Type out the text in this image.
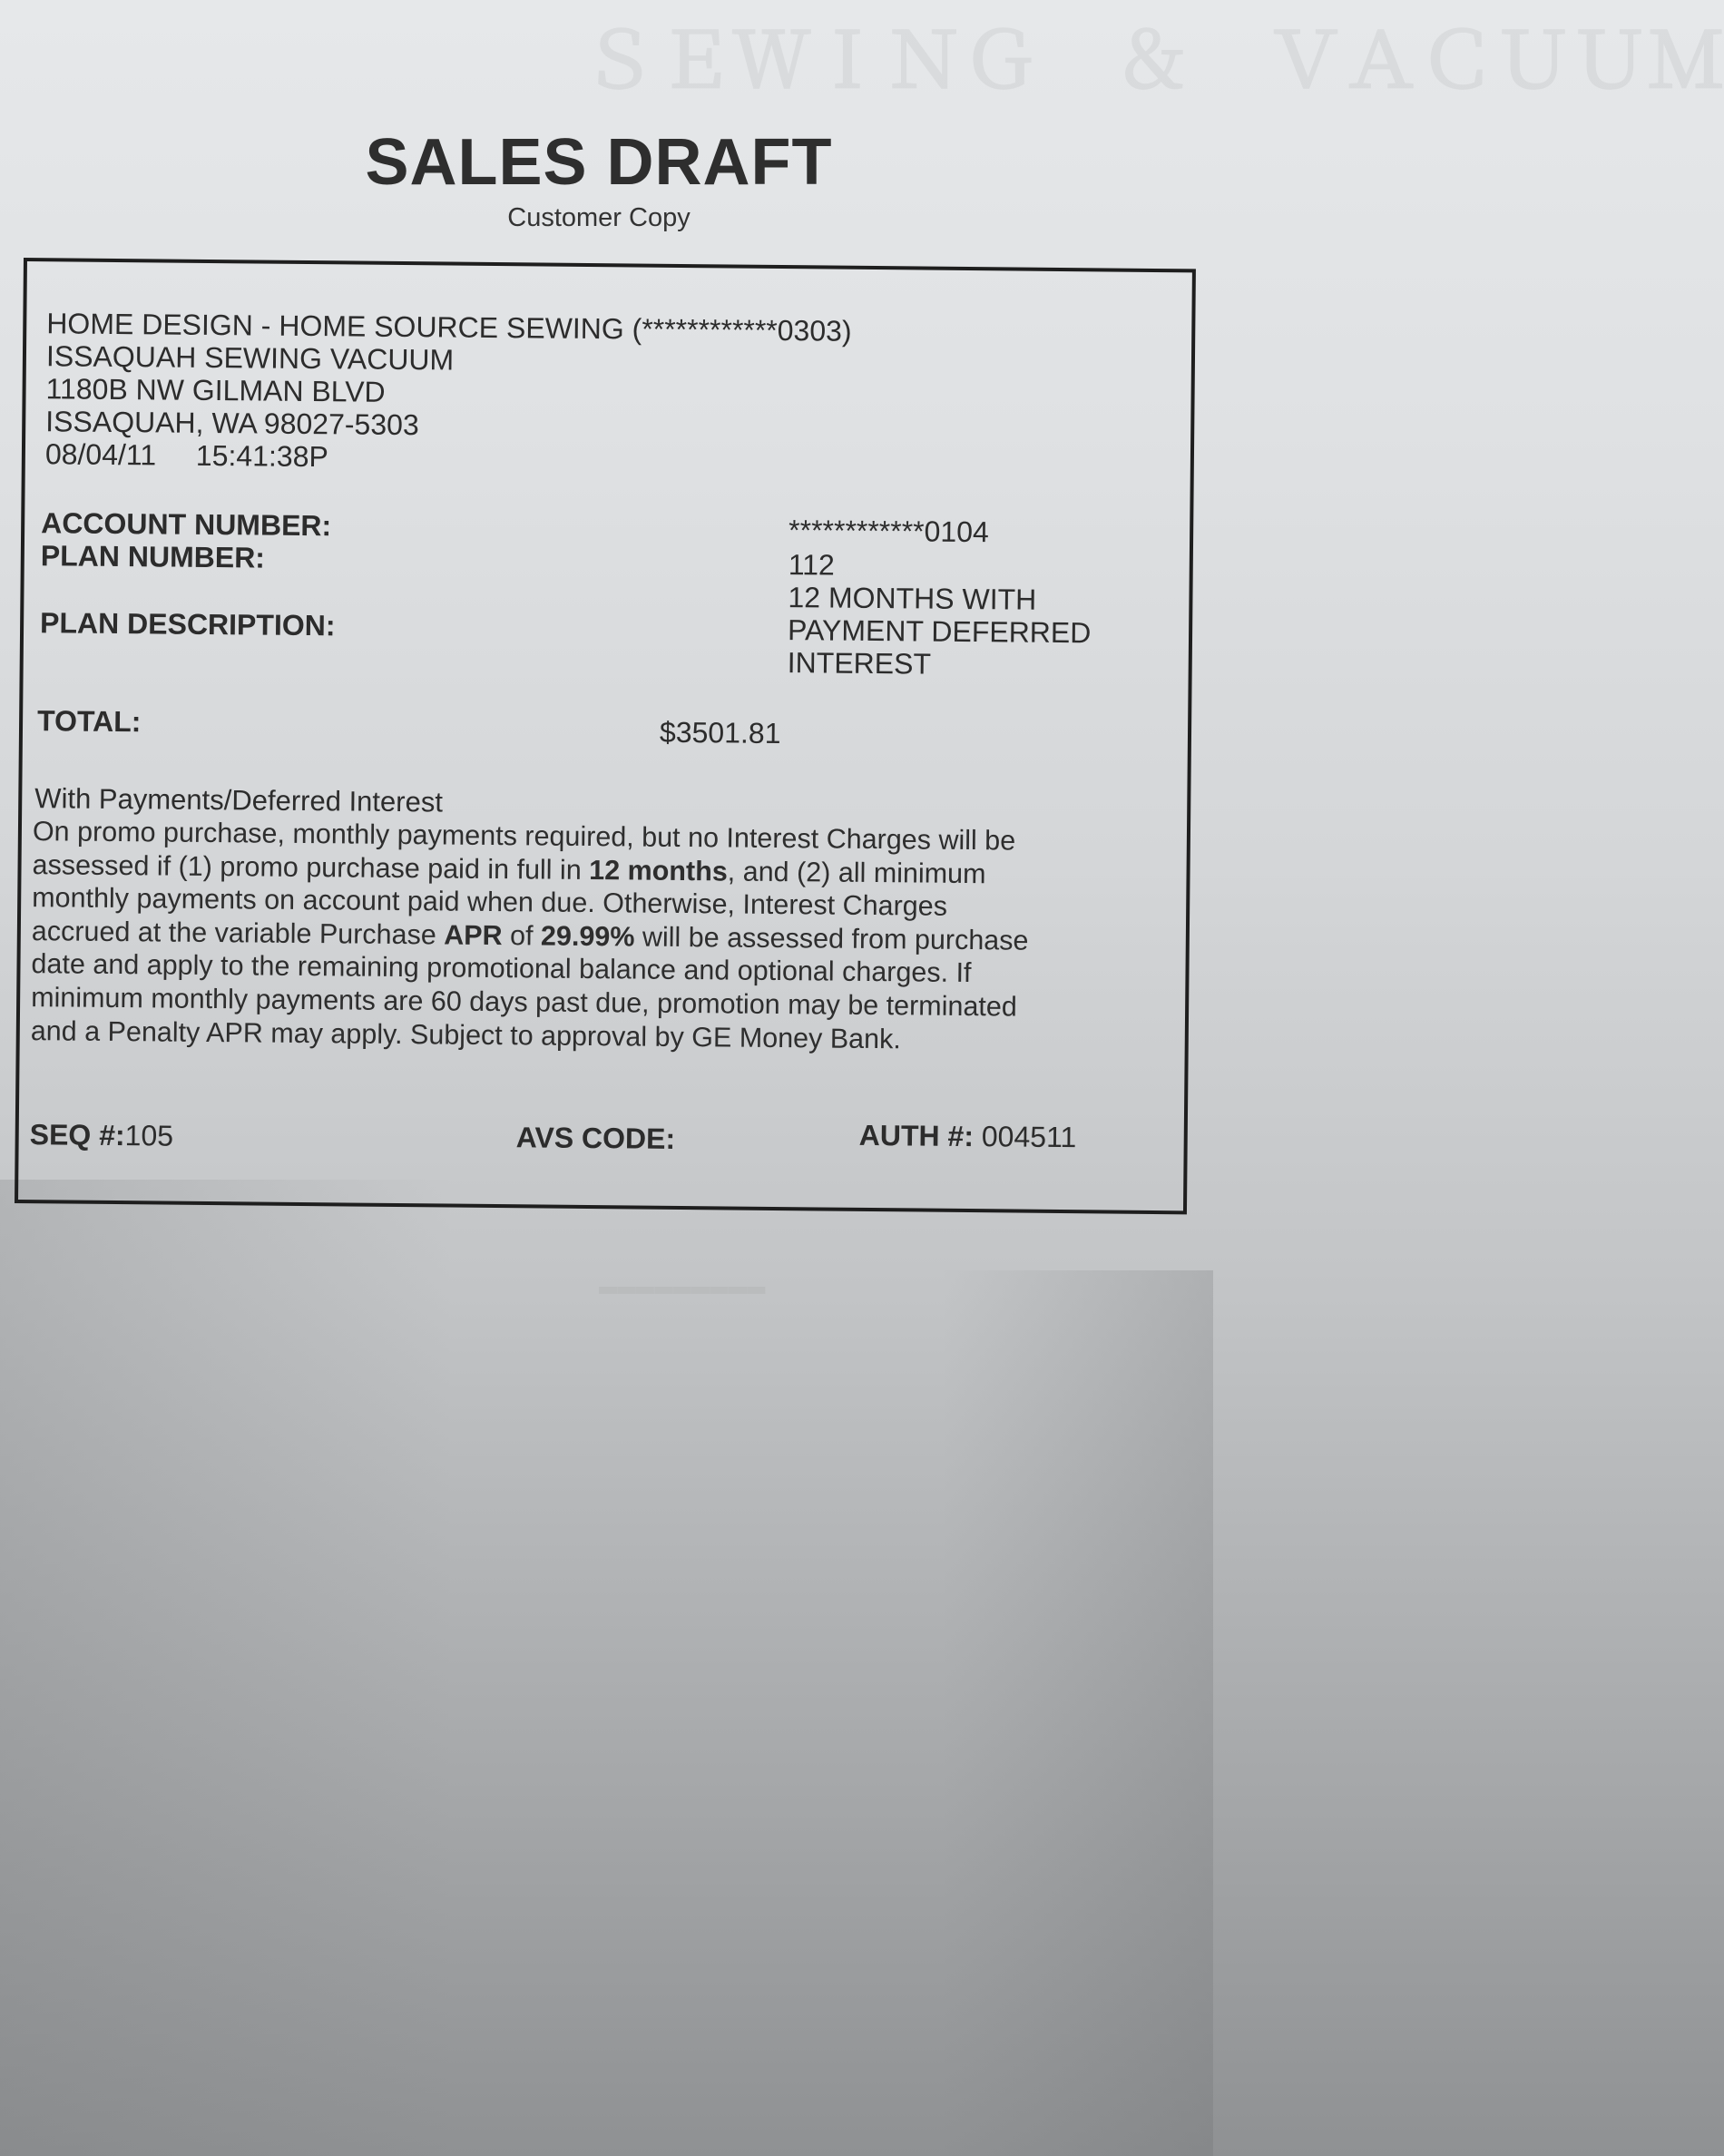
ＳＥＷＩＮＧ　＆　ＶＡＣＵＵＭ
▬▬▬▬▬▬▬▬▬
SALES DRAFT
Customer Copy
HOME DESIGN - HOME SOURCE SEWING (************0303)
ISSAQUAH SEWING VACUUM
1180B NW GILMAN BLVD
ISSAQUAH, WA 98027-5303
08/04/11 15:41:38P
ACCOUNT NUMBER:	************0104
PLAN NUMBER:	112
PLAN DESCRIPTION:
12 MONTHS WITH
PAYMENT DEFERRED
INTEREST
TOTAL:	$3501.81
With Payments/Deferred Interest
On promo purchase, monthly payments required, but no Interest Charges will be
assessed if (1) promo purchase paid in full in 12 months, and (2) all minimum
monthly payments on account paid when due. Otherwise, Interest Charges
accrued at the variable Purchase APR of 29.99% will be assessed from purchase
date and apply to the remaining promotional balance and optional charges. If
minimum monthly payments are 60 days past due, promotion may be terminated
and a Penalty APR may apply. Subject to approval by GE Money Bank.
SEQ #:105	AVS CODE:	AUTH #: 004511
